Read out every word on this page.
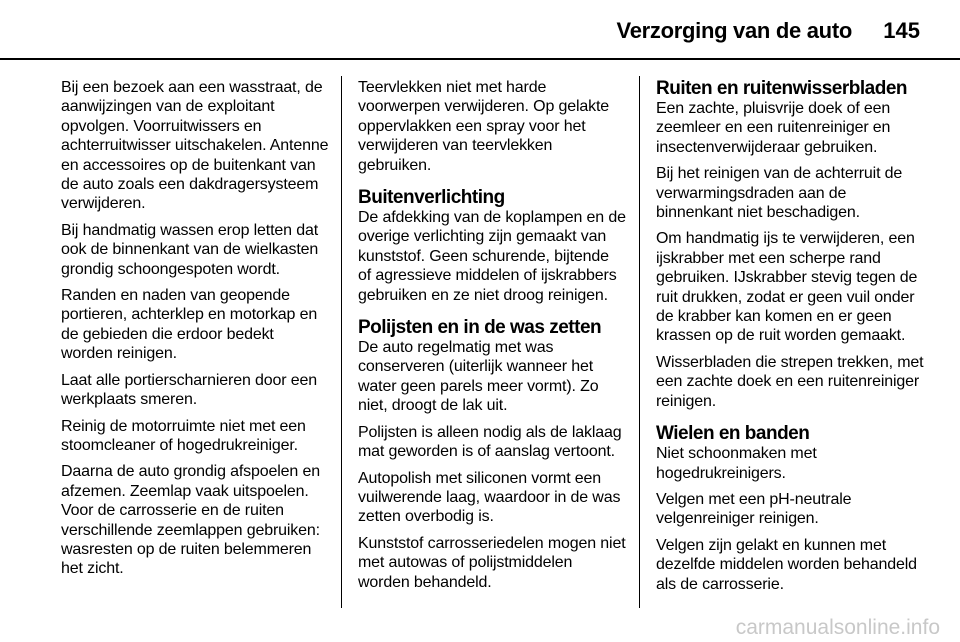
Verzorging van de auto 145

Bij een bezoek aan een wasstraat, de aanwijzingen van de exploitant opvolgen. Voorruitwissers en achterruitwisser uitschakelen. Antenne en accessoires op de buitenkant van de auto zoals een dakdragersysteem verwijderen.

Bij handmatig wassen erop letten dat ook de binnenkant van de wielkasten grondig schoongespoten wordt.

Randen en naden van geopende portieren, achterklep en motorkap en de gebieden die erdoor bedekt worden reinigen.

Laat alle portierscharnieren door een werkplaats smeren.

Reinig de motorruimte niet met een stoomcleaner of hogedrukreiniger.

Daarna de auto grondig afspoelen en afzemen. Zeemlap vaak uitspoelen. Voor de carrosserie en de ruiten verschillende zeemlappen gebruiken: wasresten op de ruiten belemmeren het zicht.

Teervlekken niet met harde voorwerpen verwijderen. Op gelakte oppervlakken een spray voor het verwijderen van teervlekken gebruiken.

Buitenverlichting

De afdekking van de koplampen en de overige verlichting zijn gemaakt van kunststof. Geen schurende, bijtende of agressieve middelen of ijskrabbers gebruiken en ze niet droog reinigen.

Polijsten en in de was zetten

De auto regelmatig met was conserveren (uiterlijk wanneer het water geen parels meer vormt). Zo niet, droogt de lak uit.

Polijsten is alleen nodig als de laklaag mat geworden is of aanslag vertoont.

Autopolish met siliconen vormt een vuilwerende laag, waardoor in de was zetten overbodig is.

Kunststof carrosseriedelen mogen niet met autowas of polijstmiddelen worden behandeld.

Ruiten en ruitenwisserbladen

Een zachte, pluisvrije doek of een zeemleer en een ruitenreiniger en insectenverwijderaar gebruiken.

Bij het reinigen van de achterruit de verwarmingsdraden aan de binnenkant niet beschadigen.

Om handmatig ijs te verwijderen, een ijskrabber met een scherpe rand gebruiken. IJskrabber stevig tegen de ruit drukken, zodat er geen vuil onder de krabber kan komen en er geen krassen op de ruit worden gemaakt.

Wisserbladen die strepen trekken, met een zachte doek en een ruitenreiniger reinigen.

Wielen en banden

Niet schoonmaken met hogedrukreinigers.

Velgen met een pH-neutrale velgenreiniger reinigen.

Velgen zijn gelakt en kunnen met dezelfde middelen worden behandeld als de carrosserie.

carmanualsonline.info
